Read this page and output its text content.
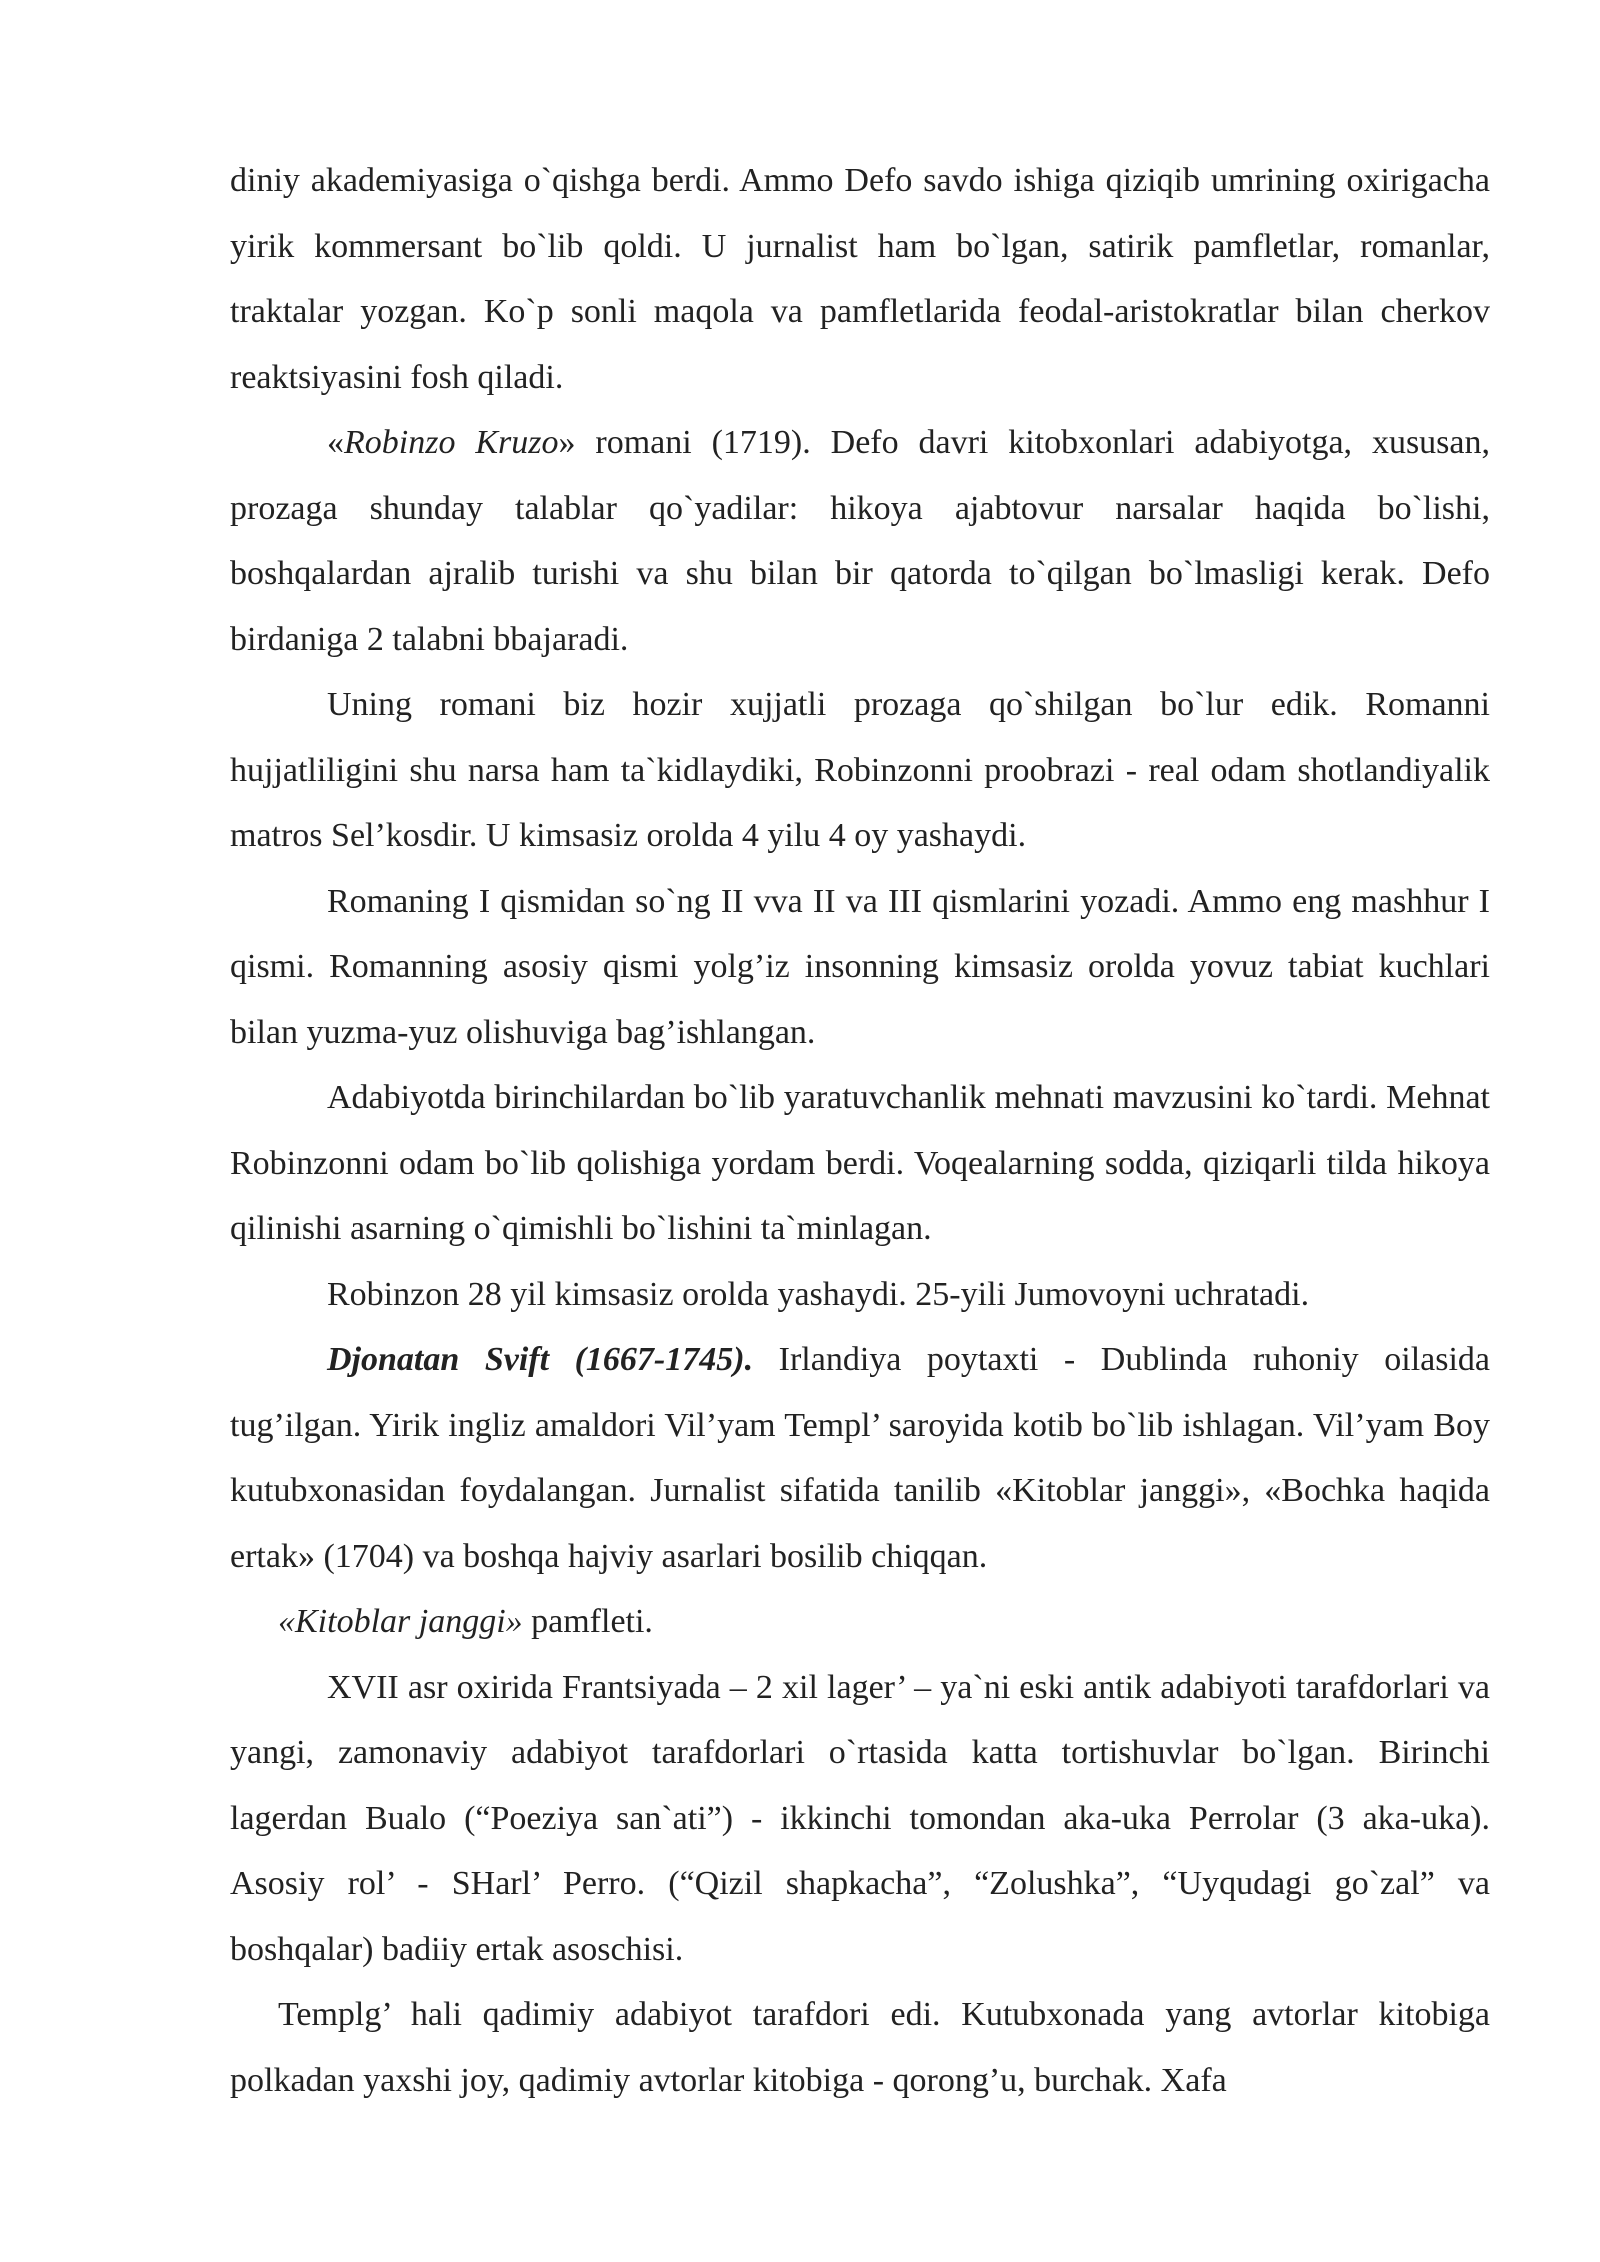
diniy akademiyasiga o`qishga berdi. Ammo Defo savdo ishiga qiziqib umrining oxirigacha yirik kommersant bo`lib qoldi. U jurnalist ham bo`lgan, satirik pamfletlar, romanlar, traktalar yozgan. Ko`p sonli maqola va pamfletlarida feodal-aristokratlar bilan cherkov reaktsiyasini fosh qiladi.

«Robinzo Kruzo» romani (1719). Defo davri kitobxonlari adabiyotga, xususan, prozaga shunday talablar qo`yadilar: hikoya ajabtovur narsalar haqida bo`lishi, boshqalardan ajralib turishi va shu bilan bir qatorda to`qilgan bo`lmasligi kerak. Defo birdaniga 2 talabni bbajaradi.

Uning romani biz hozir xujjatli prozaga qo`shilgan bo`lur edik. Romanni hujjatliligini shu narsa ham ta`kidlaydiki, Robinzonni proobrazi - real odam shotlandiyalik matros Sel’kosdir. U kimsasiz orolda 4 yilu 4 oy yashaydi.

Romaning I qismidan so`ng II vva II va III qismlarini yozadi. Ammo eng mashhur I qismi. Romanning asosiy qismi yolg’iz insonning kimsasiz orolda yovuz tabiat kuchlari bilan yuzma-yuz olishuviga bag’ishlangan.

Adabiyotda birinchilardan bo`lib yaratuvchanlik mehnati mavzusini ko`tardi. Mehnat Robinzonni odam bo`lib qolishiga yordam berdi. Voqealarning sodda, qiziqarli tilda hikoya qilinishi asarning o`qimishli bo`lishini ta`minlagan.

Robinzon 28 yil kimsasiz orolda yashaydi. 25-yili Jumovoyni uchratadi.

Djonatan Svift (1667-1745). Irlandiya poytaxti - Dublinda ruhoniy oilasida tug’ilgan. Yirik ingliz amaldori Vil’yam Templ’ saroyida kotib bo`lib ishlagan. Vil’yam Boy kutubxonasidan foydalangan. Jurnalist sifatida tanilib «Kitoblar janggi», «Bochka haqida ertak» (1704) va boshqa hajviy asarlari bosilib chiqqan.

«Kitoblar janggi» pamfleti.

XVII asr oxirida Frantsiyada – 2 xil lager’ – ya`ni eski antik adabiyoti tarafdorlari va yangi, zamonaviy adabiyot tarafdorlari o`rtasida katta tortishuvlar bo`lgan. Birinchi lagerdan Bualo (“Poeziya san`ati”) - ikkinchi tomondan aka-uka Perrolar (3 aka-uka). Asosiy rol’ - SHarl’ Perro. (“Qizil shapkacha”, “Zolushka”, “Uyqudagi go`zal” va boshqalar) badiiy ertak asoschisi.

Templg’ hali qadimiy adabiyot tarafdori edi. Kutubxonada yang avtorlar kitobiga polkadan yaxshi joy, qadimiy avtorlar kitobiga - qorong’u, burchak. Xafa
